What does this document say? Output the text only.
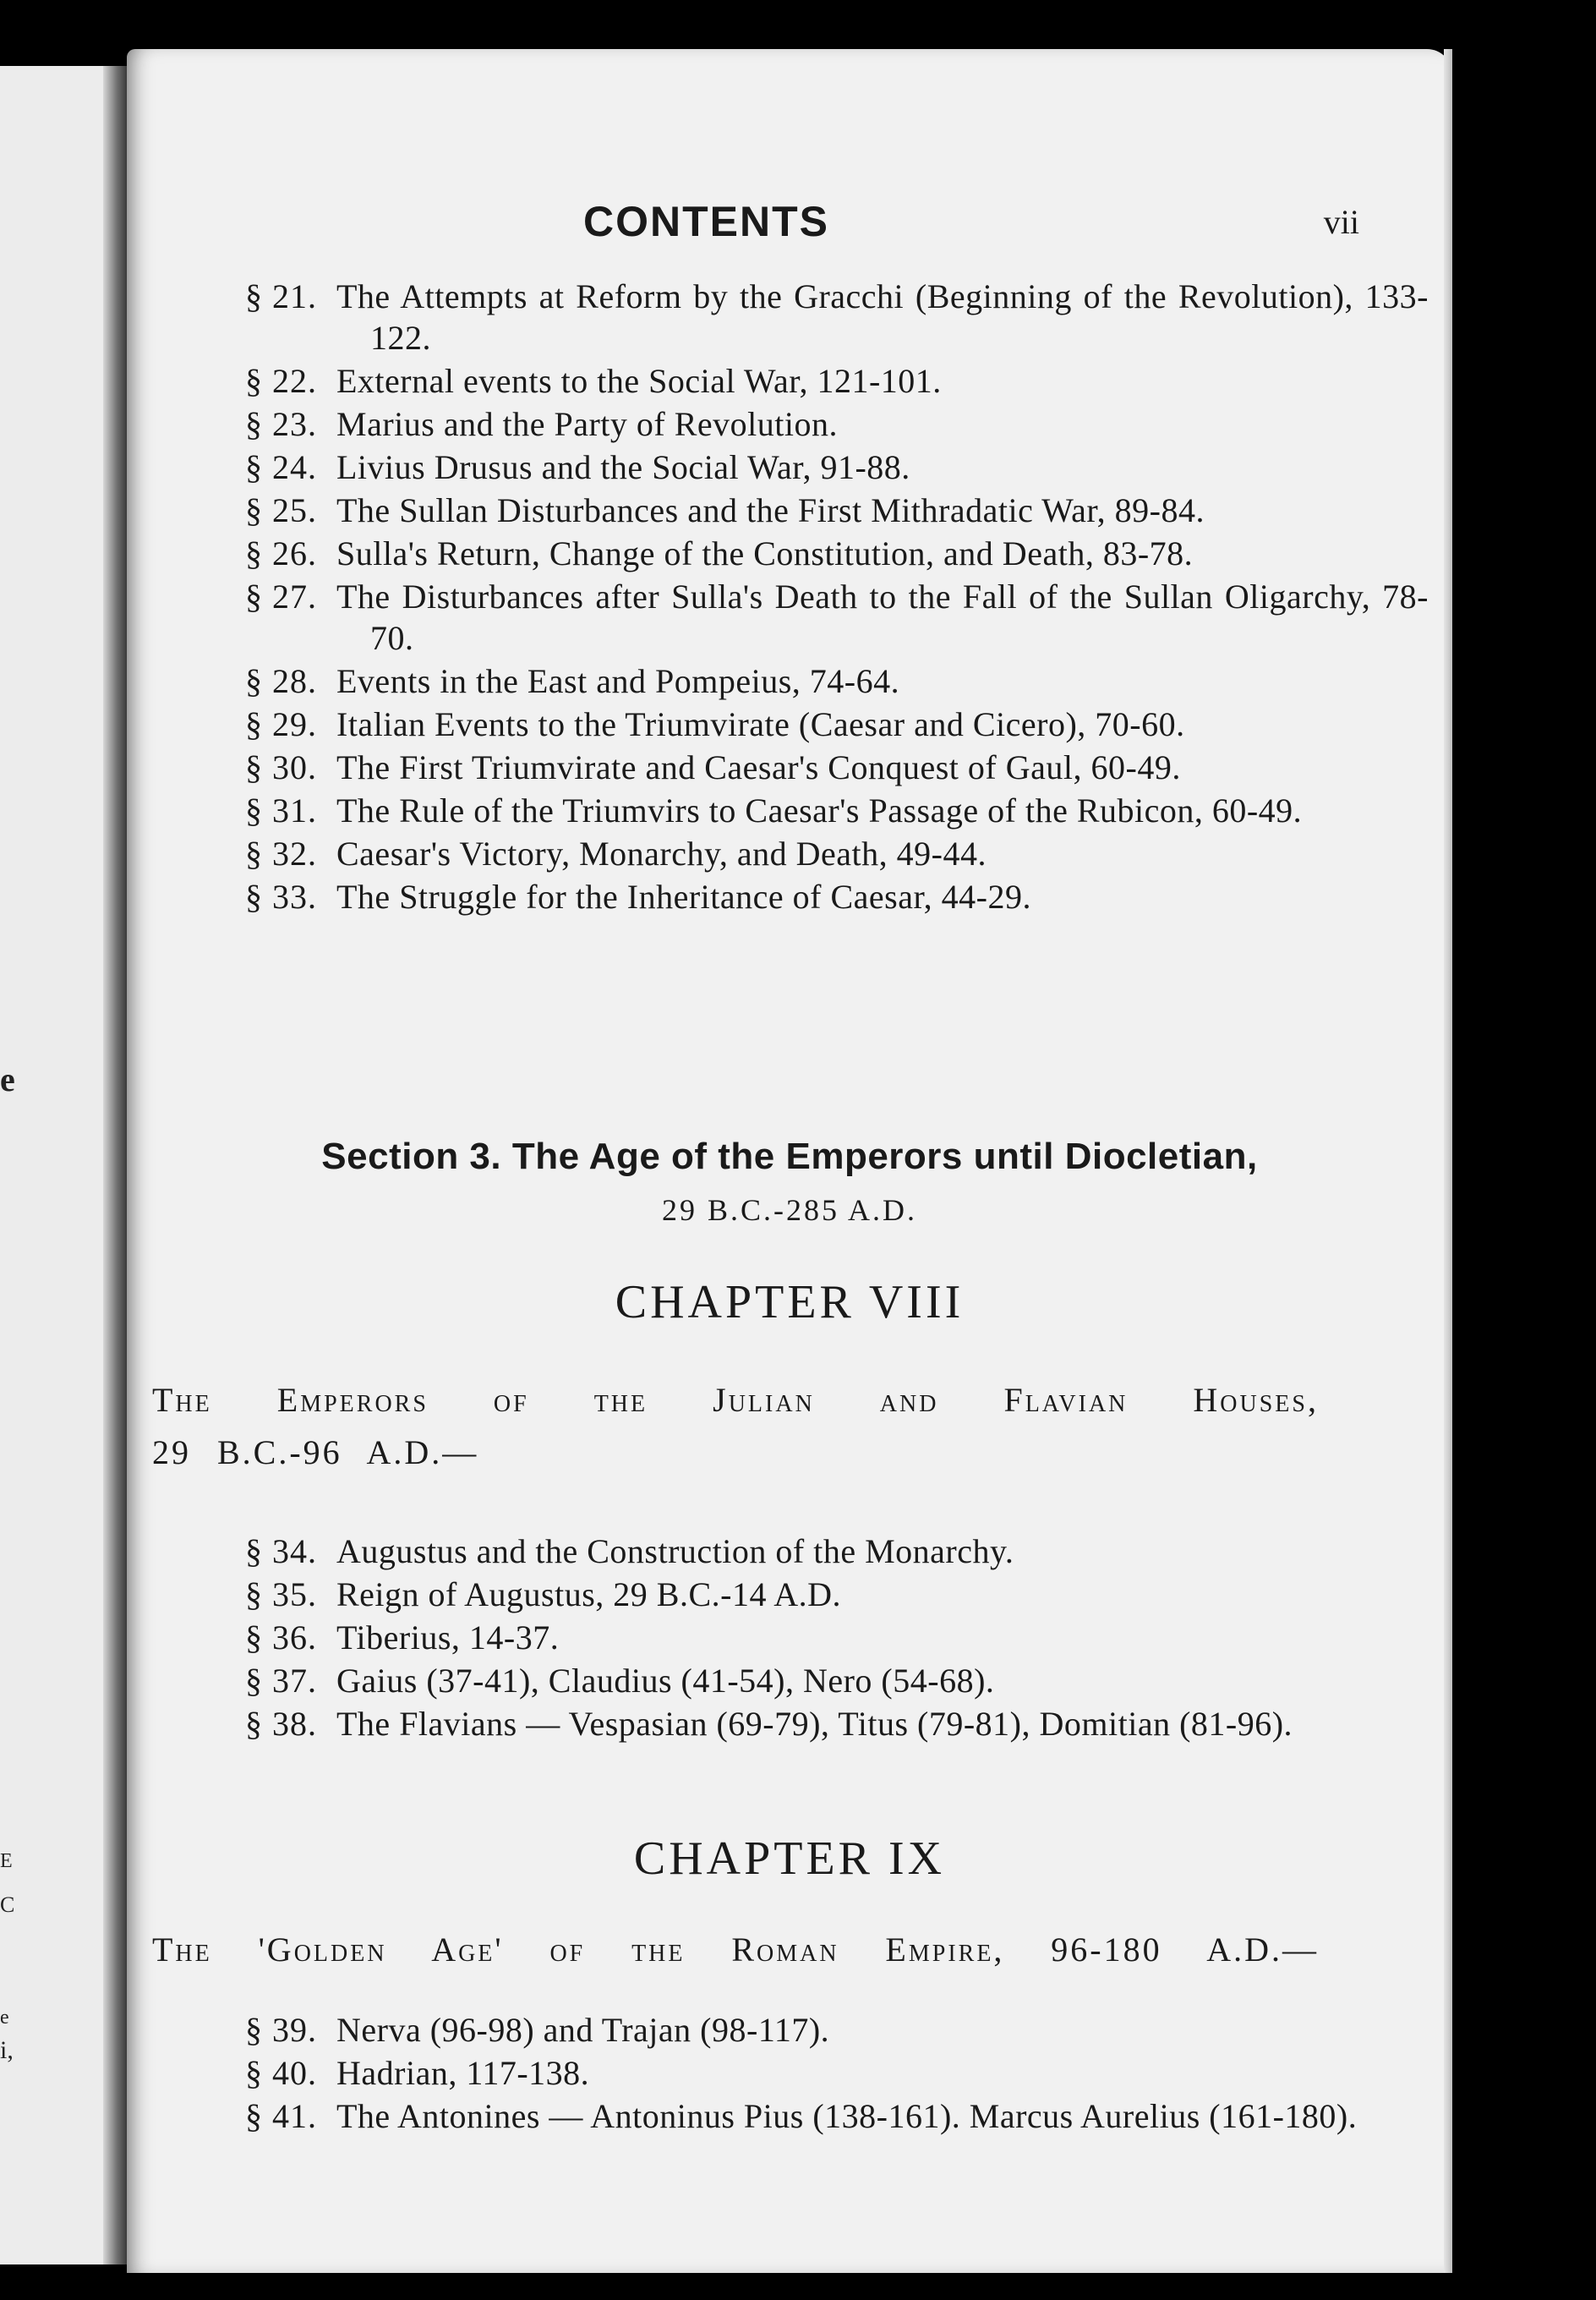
e
E
C
e
i,
CONTENTS	vii
§ 21. The Attempts at Reform by the Gracchi (Beginning of the Revolution), 133-122.
§ 22. External events to the Social War, 121-101.
§ 23. Marius and the Party of Revolution.
§ 24. Livius Drusus and the Social War, 91-88.
§ 25. The Sullan Disturbances and the First Mithradatic War, 89-84.
§ 26. Sulla's Return, Change of the Constitution, and Death, 83-78.
§ 27. The Disturbances after Sulla's Death to the Fall of the Sullan Oligarchy, 78-70.
§ 28. Events in the East and Pompeius, 74-64.
§ 29. Italian Events to the Triumvirate (Caesar and Cicero), 70-60.
§ 30. The First Triumvirate and Caesar's Conquest of Gaul, 60-49.
§ 31. The Rule of the Triumvirs to Caesar's Passage of the Rubicon, 60-49.
§ 32. Caesar's Victory, Monarchy, and Death, 49-44.
§ 33. The Struggle for the Inheritance of Caesar, 44-29.
Section 3. The Age of the Emperors until Diocletian,
29 B.C.-285 A.D.
CHAPTER VIII
The Emperors of the Julian and Flavian Houses,
29 B.C.-96 A.D.—
§ 34. Augustus and the Construction of the Monarchy.
§ 35. Reign of Augustus, 29 B.C.-14 A.D.
§ 36. Tiberius, 14-37.
§ 37. Gaius (37-41), Claudius (41-54), Nero (54-68).
§ 38. The Flavians — Vespasian (69-79), Titus (79-81), Domitian (81-96).
CHAPTER IX
The 'Golden Age' of the Roman Empire, 96-180 A.D.—
§ 39. Nerva (96-98) and Trajan (98-117).
§ 40. Hadrian, 117-138.
§ 41. The Antonines — Antoninus Pius (138-161). Marcus Aurelius (161-180).
